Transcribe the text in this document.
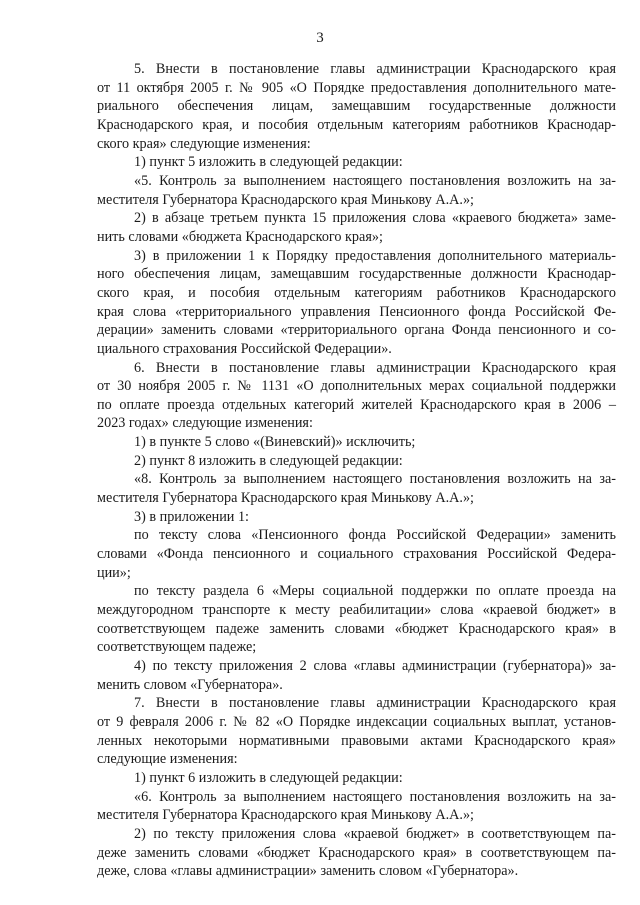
3
5. Внести в постановление главы администрации Краснодарского края
от 11 октября 2005 г. № 905 «О Порядке предоставления дополнительного мате-
риального обеспечения лицам, замещавшим государственные должности
Краснодарского края, и пособия отдельным категориям работников Краснодар-
ского края» следующие изменения:
1) пункт 5 изложить в следующей редакции:
«5. Контроль за выполнением настоящего постановления возложить на за-
местителя Губернатора Краснодарского края Минькову А.А.»;
2) в абзаце третьем пункта 15 приложения слова «краевого бюджета» заме-
нить словами «бюджета Краснодарского края»;
3) в приложении 1 к Порядку предоставления дополнительного материаль-
ного обеспечения лицам, замещавшим государственные должности Краснодар-
ского края, и пособия отдельным категориям работников Краснодарского
края слова «территориального управления Пенсионного фонда Российской Фе-
дерации» заменить словами «территориального органа Фонда пенсионного и со-
циального страхования Российской Федерации».
6. Внести в постановление главы администрации Краснодарского края
от 30 ноября 2005 г. № 1131 «О дополнительных мерах социальной поддержки
по оплате проезда отдельных категорий жителей Краснодарского края в 2006 –
2023 годах» следующие изменения:
1) в пункте 5 слово «(Виневский)» исключить;
2) пункт 8 изложить в следующей редакции:
«8. Контроль за выполнением настоящего постановления возложить на за-
местителя Губернатора Краснодарского края Минькову А.А.»;
3) в приложении 1:
по тексту слова «Пенсионного фонда Российской Федерации» заменить
словами «Фонда пенсионного и социального страхования Российской Федера-
ции»;
по тексту раздела 6 «Меры социальной поддержки по оплате проезда на
междугородном транспорте к месту реабилитации» слова «краевой бюджет» в
соответствующем падеже заменить словами «бюджет Краснодарского края» в
соответствующем падеже;
4) по тексту приложения 2 слова «главы администрации (губернатора)» за-
менить словом «Губернатора».
7. Внести в постановление главы администрации Краснодарского края
от 9 февраля 2006 г. № 82 «О Порядке индексации социальных выплат, установ-
ленных некоторыми нормативными правовыми актами Краснодарского края»
следующие изменения:
1) пункт 6 изложить в следующей редакции:
«6. Контроль за выполнением настоящего постановления возложить на за-
местителя Губернатора Краснодарского края Минькову А.А.»;
2) по тексту приложения слова «краевой бюджет» в соответствующем па-
деже заменить словами «бюджет Краснодарского края» в соответствующем па-
деже, слова «главы администрации» заменить словом «Губернатора».
